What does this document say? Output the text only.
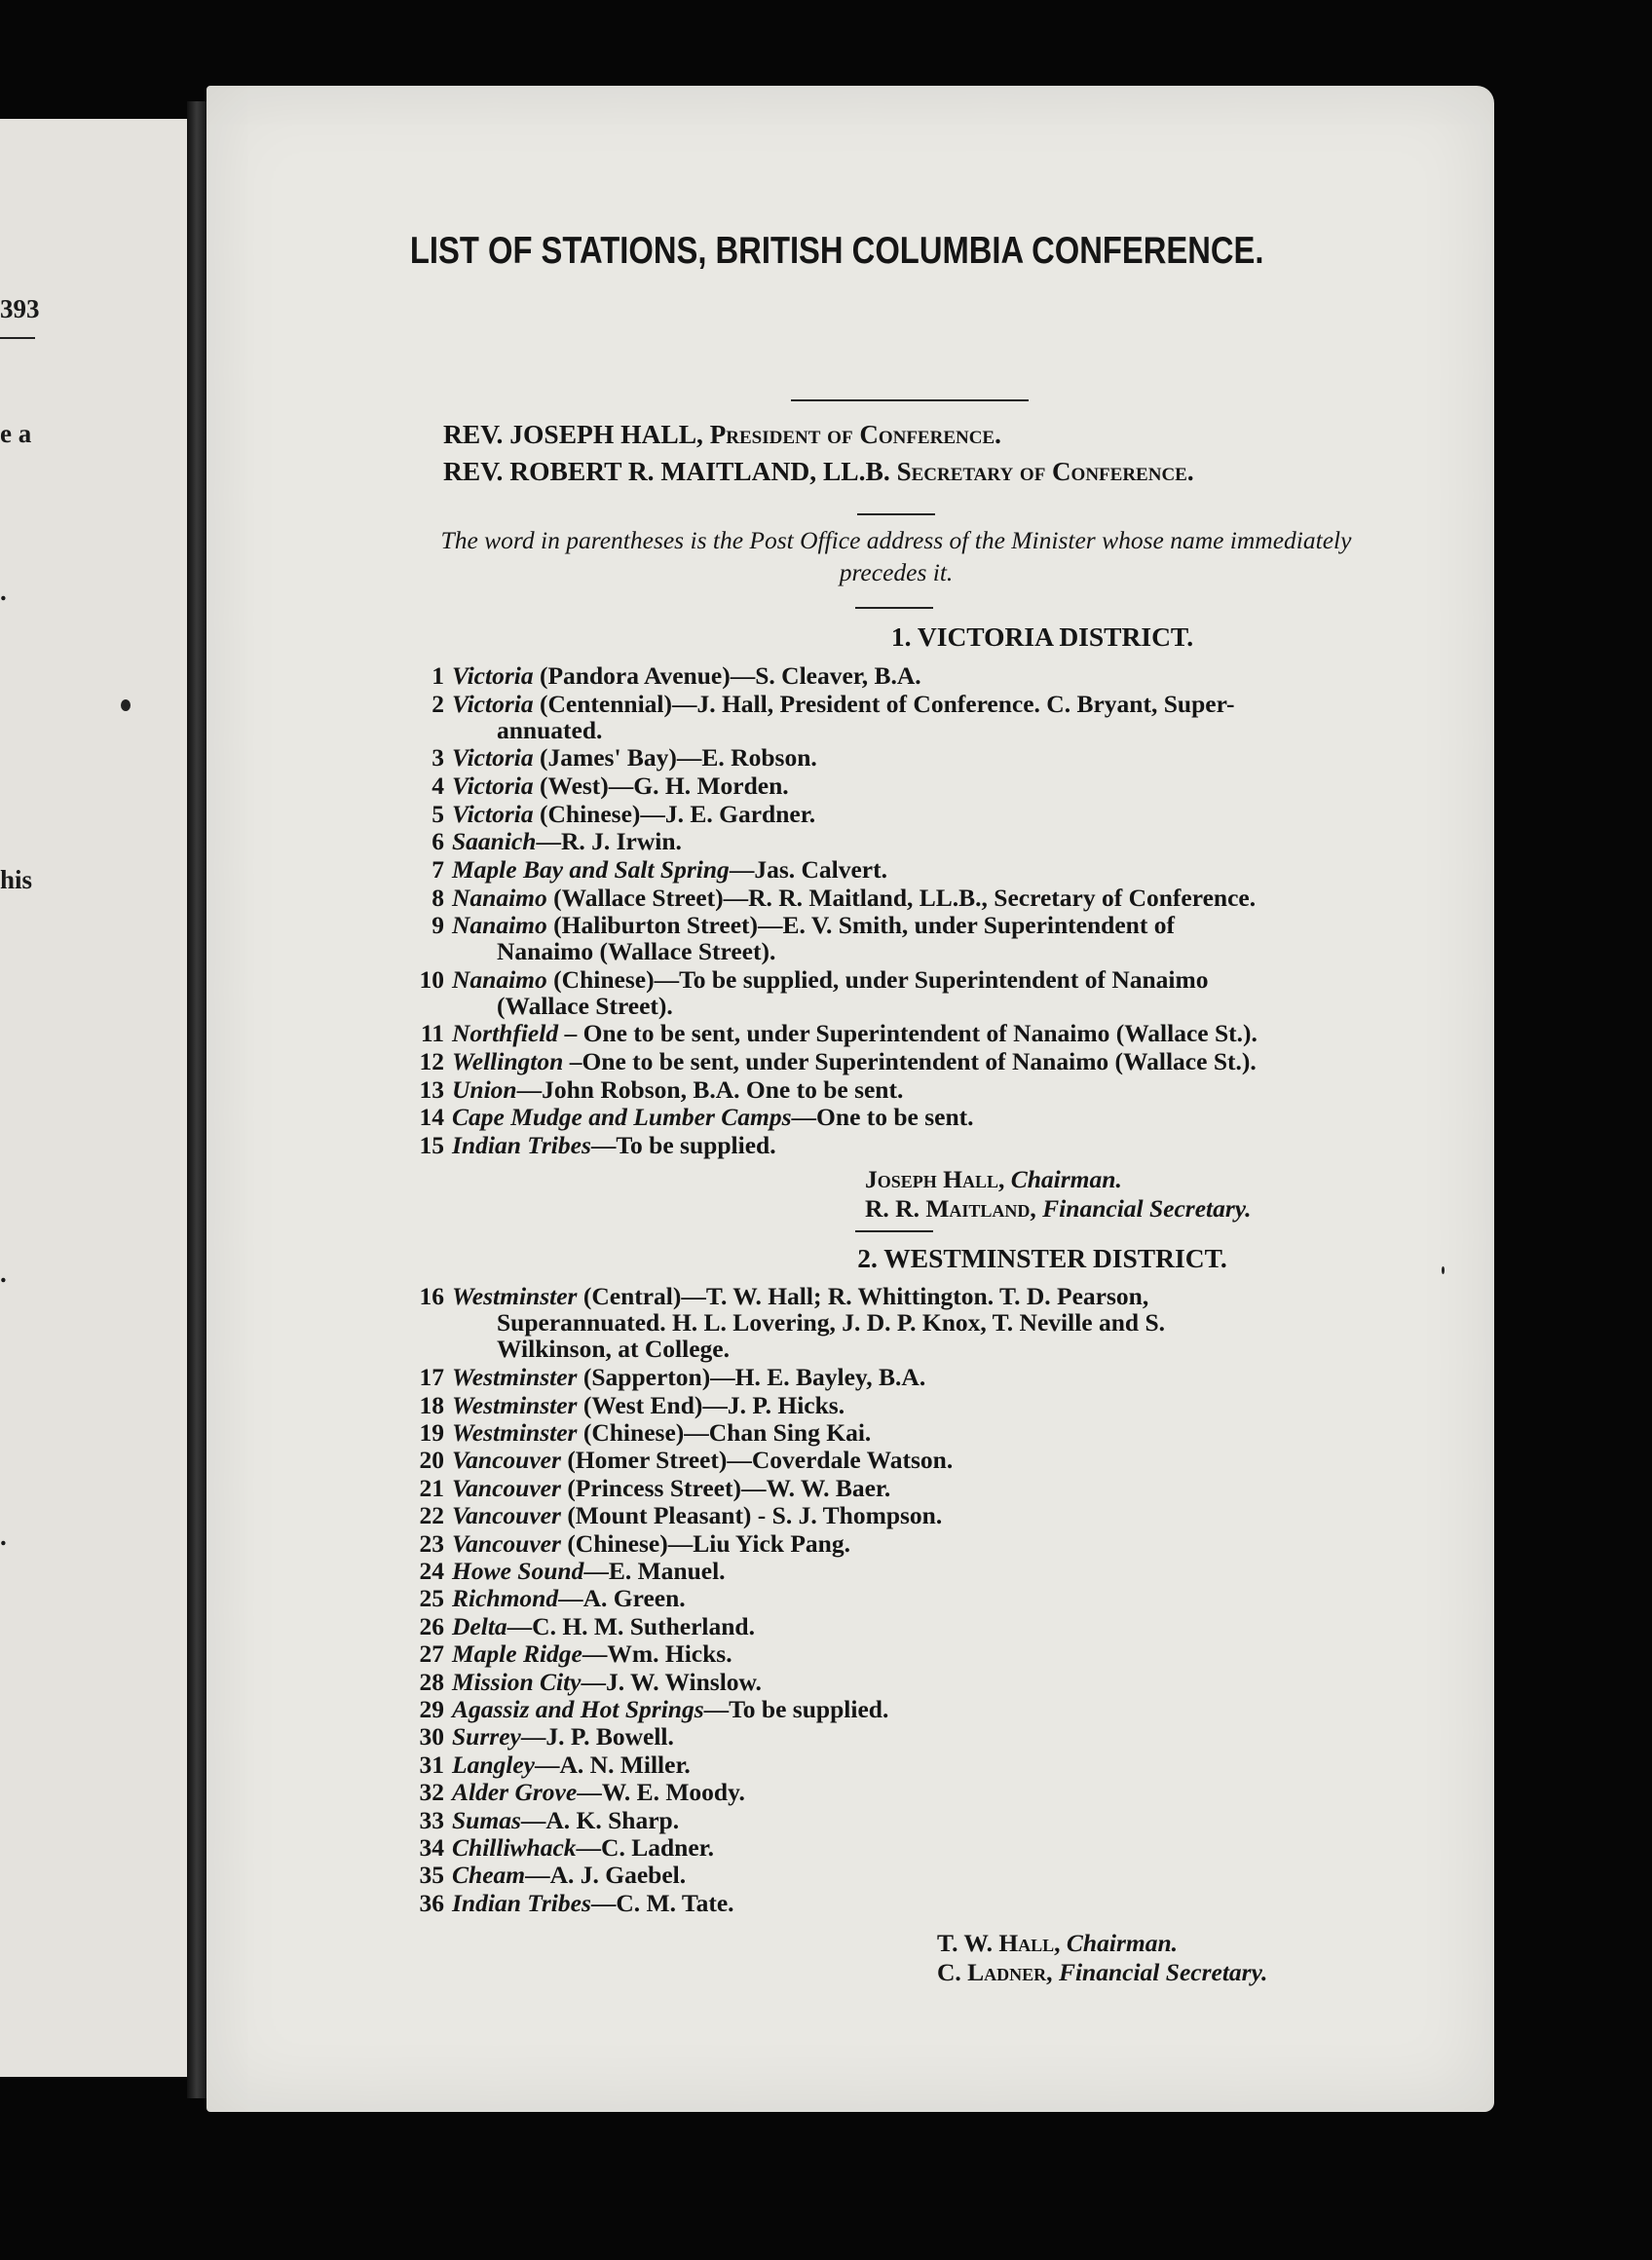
393
e a
.
his
.
.
LIST OF STATIONS, BRITISH COLUMBIA CONFERENCE.
REV. JOSEPH HALL, President of Conference.
REV. ROBERT R. MAITLAND, LL.B. Secretary of Conference.
The word in parentheses is the Post Office address of the Minister whose name immediately precedes it.
1. VICTORIA DISTRICT.
1 Victoria (Pandora Avenue)—S. Cleaver, B.A.
2 Victoria (Centennial)—J. Hall, President of Conference. C. Bryant, Super-
annuated.
3 Victoria (James' Bay)—E. Robson.
4 Victoria (West)—G. H. Morden.
5 Victoria (Chinese)—J. E. Gardner.
6 Saanich—R. J. Irwin.
7 Maple Bay and Salt Spring—Jas. Calvert.
8 Nanaimo (Wallace Street)—R. R. Maitland, LL.B., Secretary of Conference.
9 Nanaimo (Haliburton Street)—E. V. Smith, under Superintendent of
Nanaimo (Wallace Street).
10 Nanaimo (Chinese)—To be supplied, under Superintendent of Nanaimo
(Wallace Street).
11 Northfield – One to be sent, under Superintendent of Nanaimo (Wallace St.).
12 Wellington –One to be sent, under Superintendent of Nanaimo (Wallace St.).
13 Union—John Robson, B.A. One to be sent.
14 Cape Mudge and Lumber Camps—One to be sent.
15 Indian Tribes—To be supplied.
Joseph Hall, Chairman.
R. R. Maitland, Financial Secretary.
2. WESTMINSTER DISTRICT.
16 Westminster (Central)—T. W. Hall; R. Whittington. T. D. Pearson,
Superannuated. H. L. Lovering, J. D. P. Knox, T. Neville and S.
Wilkinson, at College.
17 Westminster (Sapperton)—H. E. Bayley, B.A.
18 Westminster (West End)—J. P. Hicks.
19 Westminster (Chinese)—Chan Sing Kai.
20 Vancouver (Homer Street)—Coverdale Watson.
21 Vancouver (Princess Street)—W. W. Baer.
22 Vancouver (Mount Pleasant) - S. J. Thompson.
23 Vancouver (Chinese)—Liu Yick Pang.
24 Howe Sound—E. Manuel.
25 Richmond—A. Green.
26 Delta—C. H. M. Sutherland.
27 Maple Ridge—Wm. Hicks.
28 Mission City—J. W. Winslow.
29 Agassiz and Hot Springs—To be supplied.
30 Surrey—J. P. Bowell.
31 Langley—A. N. Miller.
32 Alder Grove—W. E. Moody.
33 Sumas—A. K. Sharp.
34 Chilliwhack—C. Ladner.
35 Cheam—A. J. Gaebel.
36 Indian Tribes—C. M. Tate.
T. W. Hall, Chairman.
C. Ladner, Financial Secretary.
